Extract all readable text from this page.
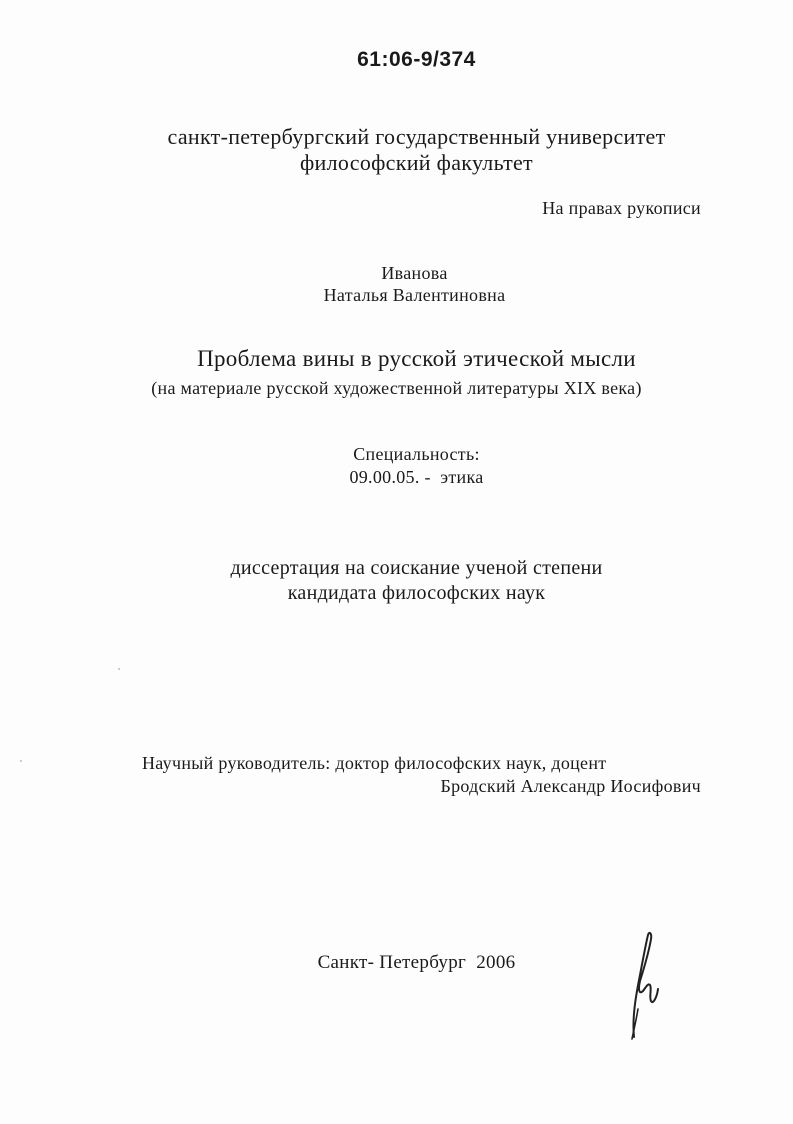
61:06-9/374
санкт-петербургский государственный университет
философский факультет
На правах рукописи
Иванова
Наталья Валентиновна
Проблема вины в русской этической мысли
(на материале русской художественной литературы XIX века)
Специальность:
09.00.05. -  этика
диссертация на соискание ученой степени
кандидата философских наук
Научный руководитель: доктор философских наук, доцент
Бродский Александр Иосифович
Санкт- Петербург  2006
